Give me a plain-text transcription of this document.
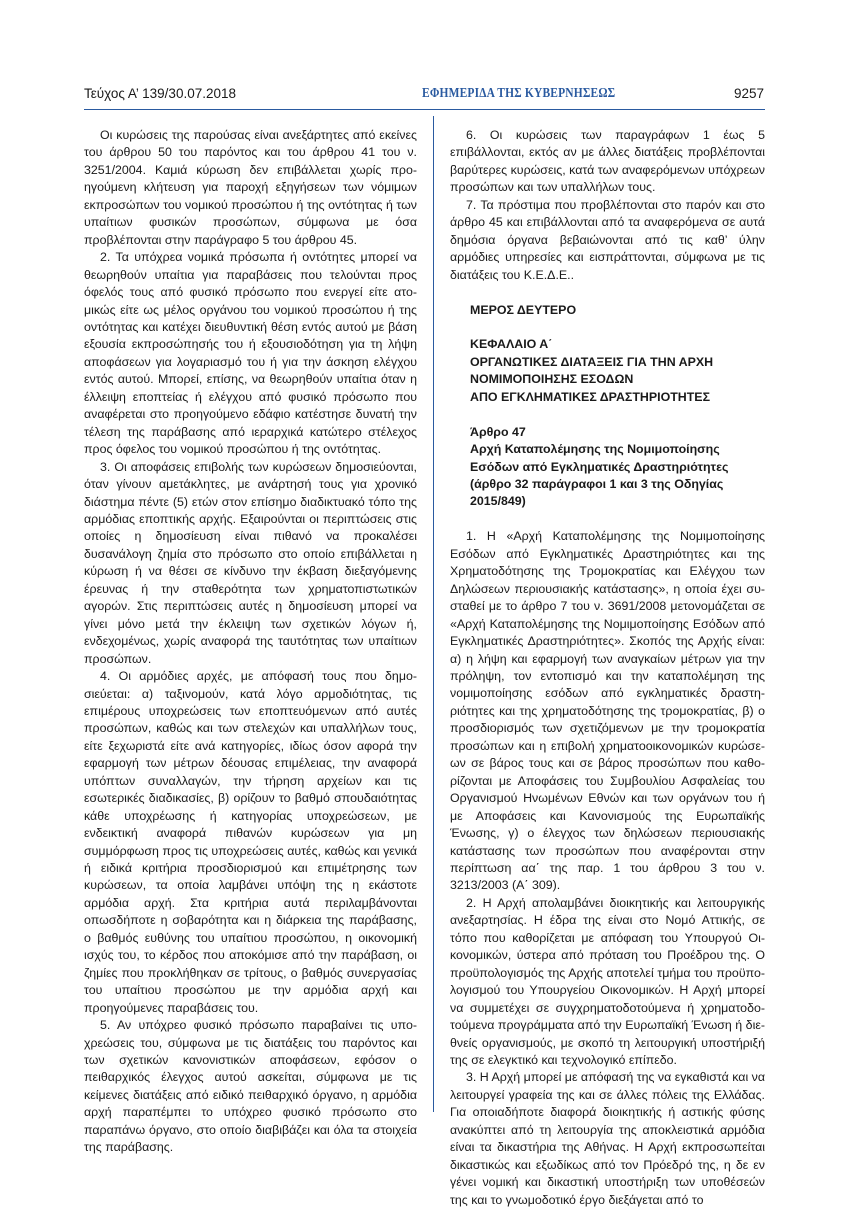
Τεύχος Α’ 139/30.07.2018	ΕΦΗΜΕΡΙΔΑ ΤΗΣ ΚΥΒΕΡΝΗΣΕΩΣ	9257

Οι κυρώσεις της παρούσας είναι ανεξάρτητες από εκείνες του άρθρου 50 του παρόντος και του άρθρου 41 του ν. 3251/2004. Καμιά κύρωση δεν επιβάλλεται χωρίς προηγούμενη κλήτευση για παροχή εξηγήσεων των νόμιμων εκπροσώπων του νομικού προσώπου ή της οντότητας ή των υπαίτιων φυσικών προσώπων, σύμφωνα με όσα προβλέπονται στην παράγραφο 5 του άρθρου 45.

2. Τα υπόχρεα νομικά πρόσωπα ή οντότητες μπορεί να θεωρηθούν υπαίτια για παραβάσεις που τελούνται προς όφελός τους από φυσικό πρόσωπο που ενεργεί είτε ατομικώς είτε ως μέλος οργάνου του νομικού προσώπου ή της οντότητας και κατέχει διευθυντική θέση εντός αυτού με βάση εξουσία εκπροσώπησής του ή εξουσιοδότηση για τη λήψη αποφάσεων για λογαριασμό του ή για την άσκηση ελέγχου εντός αυτού. Μπορεί, επίσης, να θεωρηθούν υπαίτια όταν η έλλειψη εποπτείας ή ελέγχου από φυσικό πρόσωπο που αναφέρεται στο προηγούμενο εδάφιο κατέστησε δυνατή την τέλεση της παράβασης από ιεραρχικά κατώτερο στέλεχος προς όφελος του νομικού προσώπου ή της οντότητας.

3. Οι αποφάσεις επιβολής των κυρώσεων δημοσιεύονται, όταν γίνουν αμετάκλητες, με ανάρτησή τους για χρονικό διάστημα πέντε (5) ετών στον επίσημο διαδικτυακό τόπο της αρμόδιας εποπτικής αρχής. Εξαιρούνται οι περιπτώσεις στις οποίες η δημοσίευση είναι πιθανό να προκαλέσει δυσανάλογη ζημία στο πρόσωπο στο οποίο επιβάλλεται η κύρωση ή να θέσει σε κίνδυνο την έκβαση διεξαγόμενης έρευνας ή την σταθερότητα των χρηματοπιστωτικών αγορών. Στις περιπτώσεις αυτές η δημοσίευση μπορεί να γίνει μόνο μετά την έκλειψη των σχετικών λόγων ή, ενδεχομένως, χωρίς αναφορά της ταυτότητας των υπαίτιων προσώπων.

4. Οι αρμόδιες αρχές, με απόφασή τους που δημοσιεύεται: α) ταξινομούν, κατά λόγο αρμοδιότητας, τις επιμέρους υποχρεώσεις των εποπτευόμενων από αυτές προσώπων, καθώς και των στελεχών και υπαλλήλων τους, είτε ξεχωριστά είτε ανά κατηγορίες, ιδίως όσον αφορά την εφαρμογή των μέτρων δέουσας επιμέλειας, την αναφορά υπόπτων συναλλαγών, την τήρηση αρχείων και τις εσωτερικές διαδικασίες, β) ορίζουν το βαθμό σπουδαιότητας κάθε υποχρέωσης ή κατηγορίας υποχρεώσεων, με ενδεικτική αναφορά πιθανών κυρώσεων για μη συμμόρφωση προς τις υποχρεώσεις αυτές, καθώς και γενικά ή ειδικά κριτήρια προσδιορισμού και επιμέτρησης των κυρώσεων, τα οποία λαμβάνει υπόψη της η εκάστοτε αρμόδια αρχή. Στα κριτήρια αυτά περιλαμβάνονται οπωσδήποτε η σοβαρότητα και η διάρκεια της παράβασης, ο βαθμός ευθύνης του υπαίτιου προσώπου, η οικονομική ισχύς του, το κέρδος που αποκόμισε από την παράβαση, οι ζημίες που προκλήθηκαν σε τρίτους, ο βαθμός συνεργασίας του υπαίτιου προσώπου με την αρμόδια αρχή και προηγούμενες παραβάσεις του.

5. Αν υπόχρεο φυσικό πρόσωπο παραβαίνει τις υποχρεώσεις του, σύμφωνα με τις διατάξεις του παρόντος και των σχετικών κανονιστικών αποφάσεων, εφόσον ο πειθαρχικός έλεγχος αυτού ασκείται, σύμφωνα με τις κείμενες διατάξεις από ειδικό πειθαρχικό όργανο, η αρμόδια αρχή παραπέμπει το υπόχρεο φυσικό πρόσωπο στο παραπάνω όργανο, στο οποίο διαβιβάζει και όλα τα στοιχεία της παράβασης.

6. Οι κυρώσεις των παραγράφων 1 έως 5 επιβάλλονται, εκτός αν με άλλες διατάξεις προβλέπονται βαρύτερες κυρώσεις, κατά των αναφερόμενων υπόχρεων προσώπων και των υπαλλήλων τους.

7. Τα πρόστιμα που προβλέπονται στο παρόν και στο άρθρο 45 και επιβάλλονται από τα αναφερόμενα σε αυτά δημόσια όργανα βεβαιώνονται από τις καθ’ ύλην αρμόδιες υπηρεσίες και εισπράττονται, σύμφωνα με τις διατάξεις του Κ.Ε.Δ.Ε..

ΜΕΡΟΣ ΔΕΥΤΕΡΟ

ΚΕΦΑΛΑΙΟ Α΄

ΟΡΓΑΝΩΤΙΚΕΣ ΔΙΑΤΑΞΕΙΣ ΓΙΑ ΤΗΝ ΑΡΧΗ

ΝΟΜΙΜΟΠΟΙΗΣΗΣ ΕΣΟΔΩΝ

ΑΠΟ ΕΓΚΛΗΜΑΤΙΚΕΣ ΔΡΑΣΤΗΡΙΟΤΗΤΕΣ

Άρθρο 47

Αρχή Καταπολέμησης της Νομιμοποίησης

Εσόδων από Εγκληματικές Δραστηριότητες

(άρθρο 32 παράγραφοι 1 και 3 της Οδηγίας

2015/849)

1. Η «Αρχή Καταπολέμησης της Νομιμοποίησης Εσόδων από Εγκληματικές Δραστηριότητες και της Χρηματοδότησης της Τρομοκρατίας και Ελέγχου των Δηλώσεων περιουσιακής κατάστασης», η οποία έχει συσταθεί με το άρθρο 7 του ν. 3691/2008 μετονομάζεται σε «Αρχή Καταπολέμησης της Νομιμοποίησης Εσόδων από Εγκληματικές Δραστηριότητες». Σκοπός της Αρχής είναι: α) η λήψη και εφαρμογή των αναγκαίων μέτρων για την πρόληψη, τον εντοπισμό και την καταπολέμηση της νομιμοποίησης εσόδων από εγκληματικές δραστηριότητες και της χρηματοδότησης της τρομοκρατίας, β) ο προσδιορισμός των σχετιζόμενων με την τρομοκρατία προσώπων και η επιβολή χρηματοοικονομικών κυρώσεων σε βάρος τους και σε βάρος προσώπων που καθορίζονται με Αποφάσεις του Συμβουλίου Ασφαλείας του Οργανισμού Ηνωμένων Εθνών και των οργάνων του ή με Αποφάσεις και Κανονισμούς της Ευρωπαϊκής Ένωσης, γ) ο έλεγχος των δηλώσεων περιουσιακής κατάστασης των προσώπων που αναφέρονται στην περίπτωση αα΄ της παρ. 1 του άρθρου 3 του ν. 3213/2003 (Α΄ 309).

2. Η Αρχή απολαμβάνει διοικητικής και λειτουργικής ανεξαρτησίας. Η έδρα της είναι στο Νομό Αττικής, σε τόπο που καθορίζεται με απόφαση του Υπουργού Οικονομικών, ύστερα από πρόταση του Προέδρου της. Ο προϋπολογισμός της Αρχής αποτελεί τμήμα του προϋπολογισμού του Υπουργείου Οικονομικών. Η Αρχή μπορεί να συμμετέχει σε συγχρηματοδοτούμενα ή χρηματοδοτούμενα προγράμματα από την Ευρωπαϊκή Ένωση ή διεθνείς οργανισμούς, με σκοπό τη λειτουργική υποστήριξή της σε ελεγκτικό και τεχνολογικό επίπεδο.

3. Η Αρχή μπορεί με απόφασή της να εγκαθιστά και να λειτουργεί γραφεία της και σε άλλες πόλεις της Ελλάδας. Για οποιαδήποτε διαφορά διοικητικής ή αστικής φύσης ανακύπτει από τη λειτουργία της αποκλειστικά αρμόδια είναι τα δικαστήρια της Αθήνας. Η Αρχή εκπροσωπείται δικαστικώς και εξωδίκως από τον Πρόεδρό της, η δε εν γένει νομική και δικαστική υποστήριξη των υποθέσεών της και το γνωμοδοτικό έργο διεξάγεται από το
